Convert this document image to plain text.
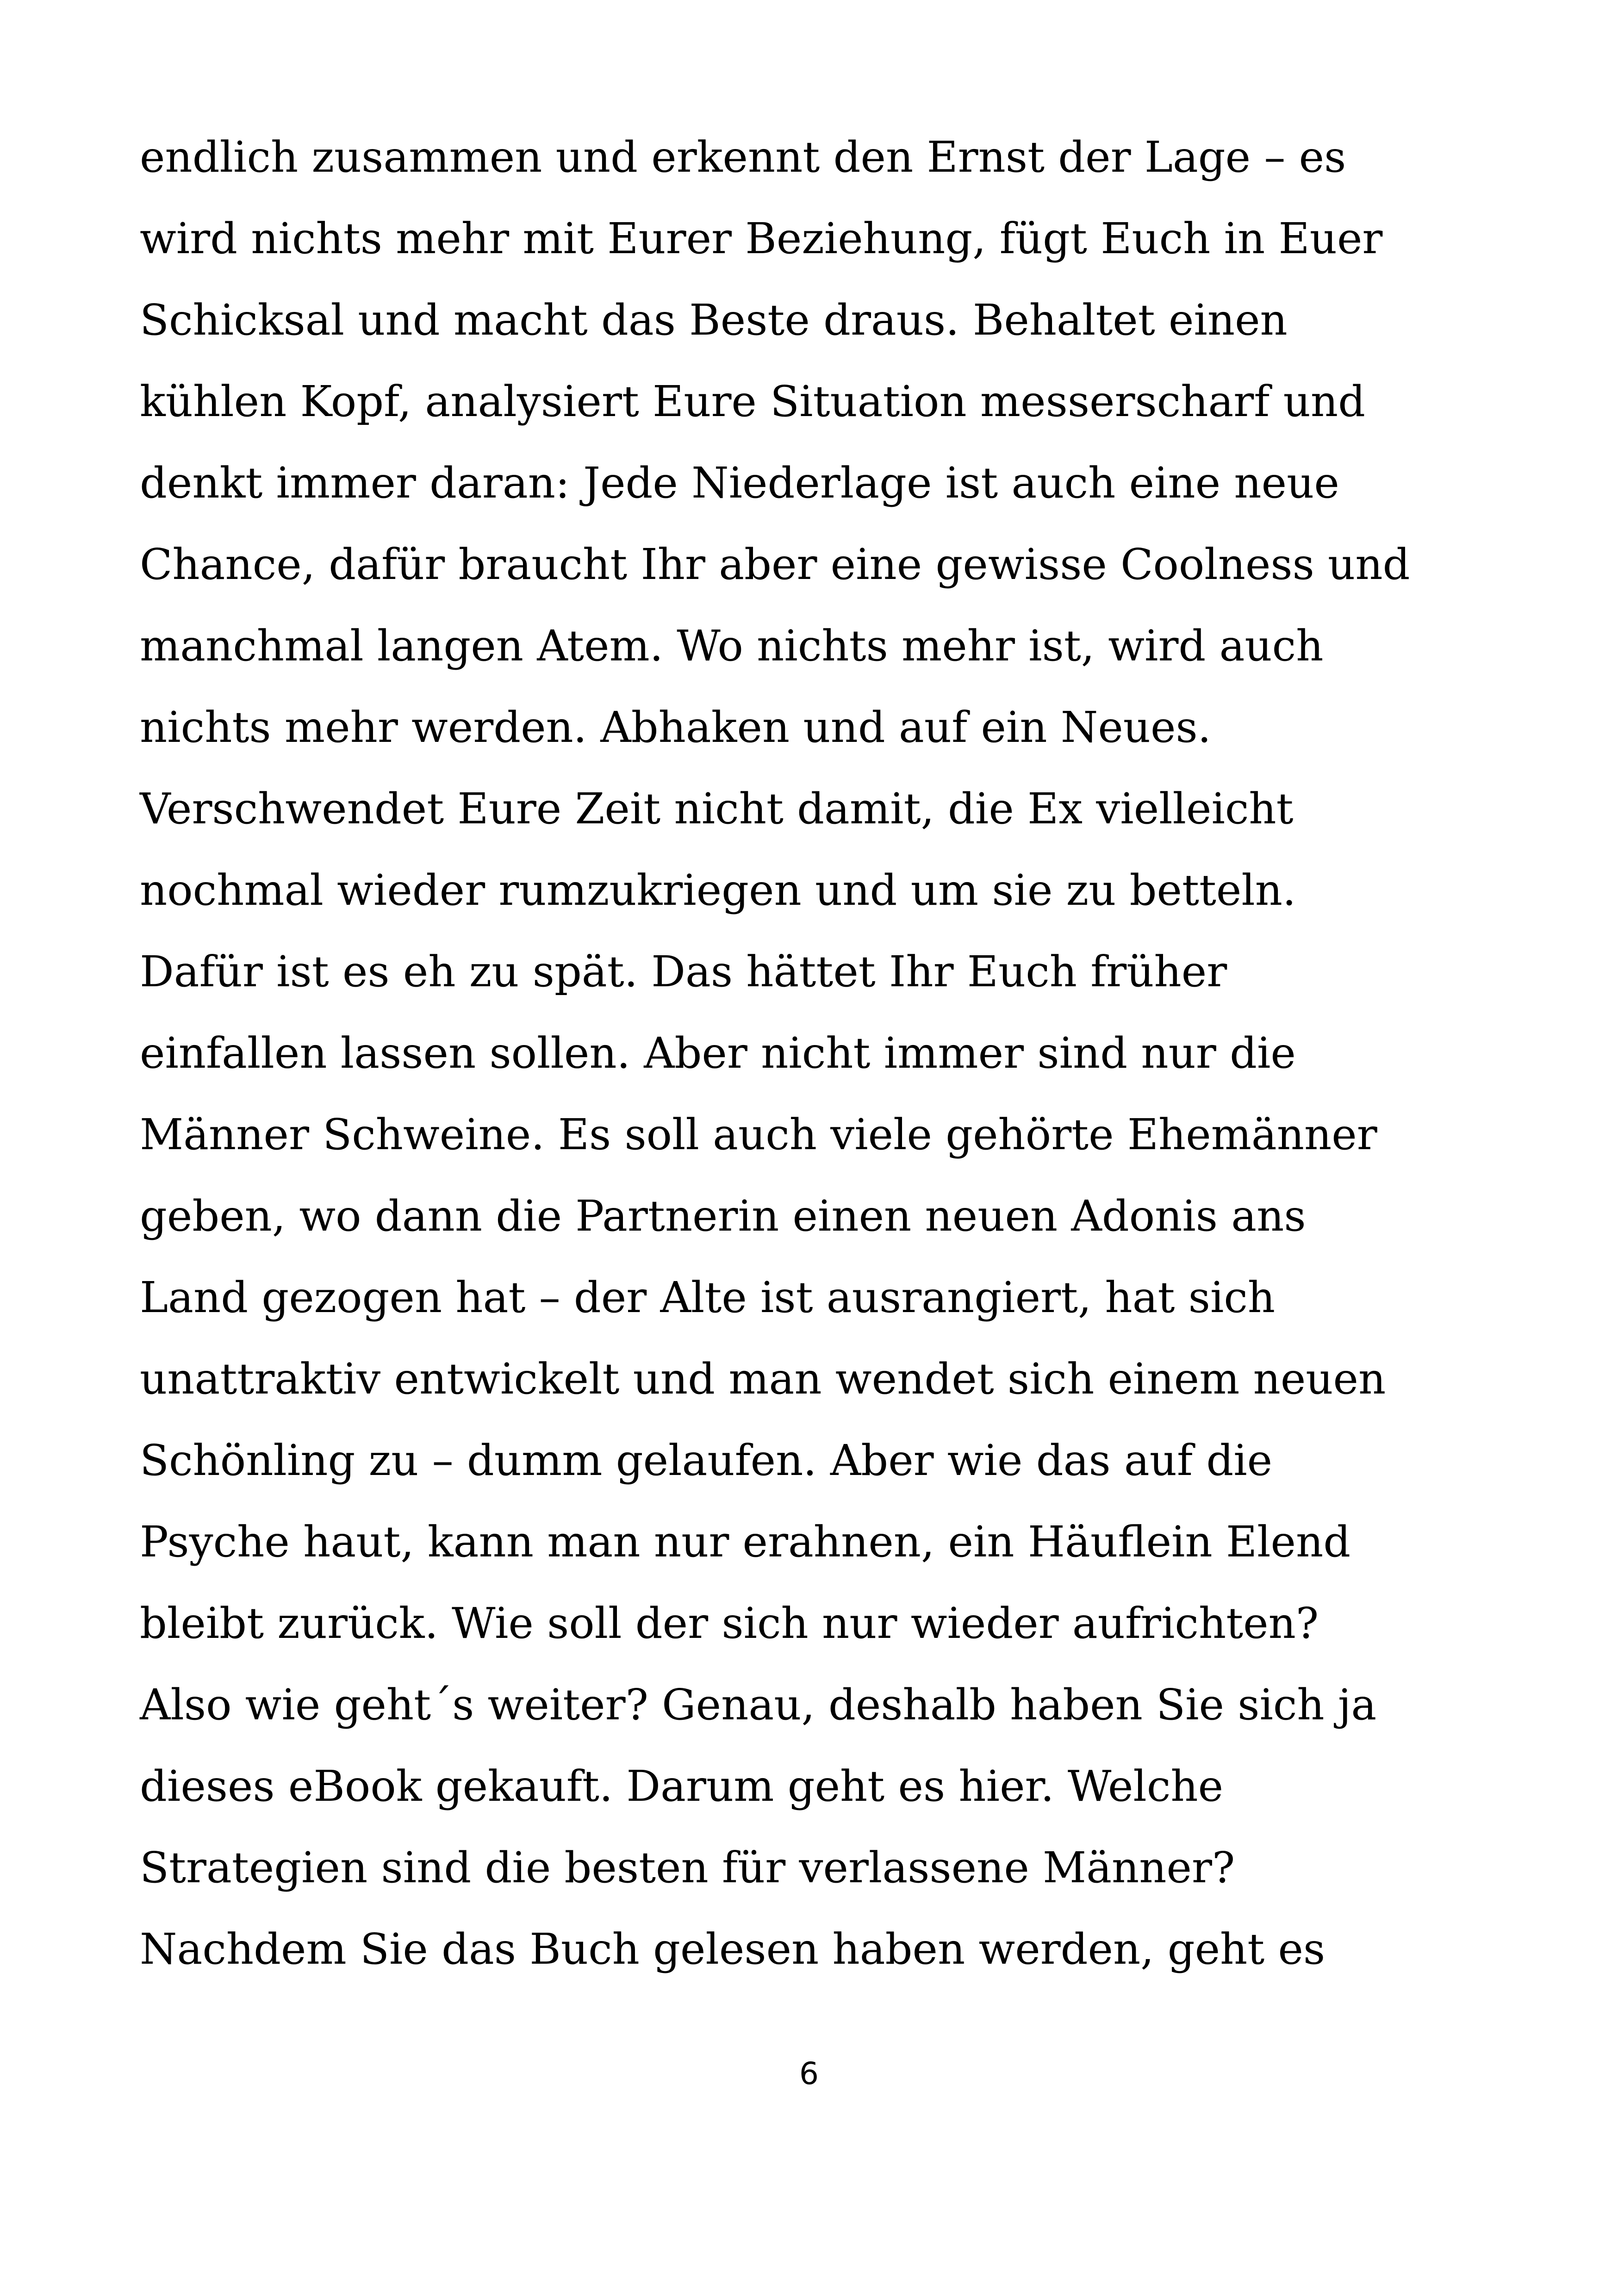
endlich zusammen und erkennt den Ernst der Lage – es
wird nichts mehr mit Eurer Beziehung, fügt Euch in Euer
Schicksal und macht das Beste draus. Behaltet einen
kühlen Kopf, analysiert Eure Situation messerscharf und
denkt immer daran: Jede Niederlage ist auch eine neue
Chance, dafür braucht Ihr aber eine gewisse Coolness und
manchmal langen Atem. Wo nichts mehr ist, wird auch
nichts mehr werden. Abhaken und auf ein Neues.
Verschwendet Eure Zeit nicht damit, die Ex vielleicht
nochmal wieder rumzukriegen und um sie zu betteln.
Dafür ist es eh zu spät. Das hättet Ihr Euch früher
einfallen lassen sollen. Aber nicht immer sind nur die
Männer Schweine. Es soll auch viele gehörte Ehemänner
geben, wo dann die Partnerin einen neuen Adonis ans
Land gezogen hat – der Alte ist ausrangiert, hat sich
unattraktiv entwickelt und man wendet sich einem neuen
Schönling zu – dumm gelaufen. Aber wie das auf die
Psyche haut, kann man nur erahnen, ein Häuflein Elend
bleibt zurück. Wie soll der sich nur wieder aufrichten?
Also wie geht´s weiter? Genau, deshalb haben Sie sich ja
dieses eBook gekauft. Darum geht es hier. Welche
Strategien sind die besten für verlassene Männer?
Nachdem Sie das Buch gelesen haben werden, geht es
6
